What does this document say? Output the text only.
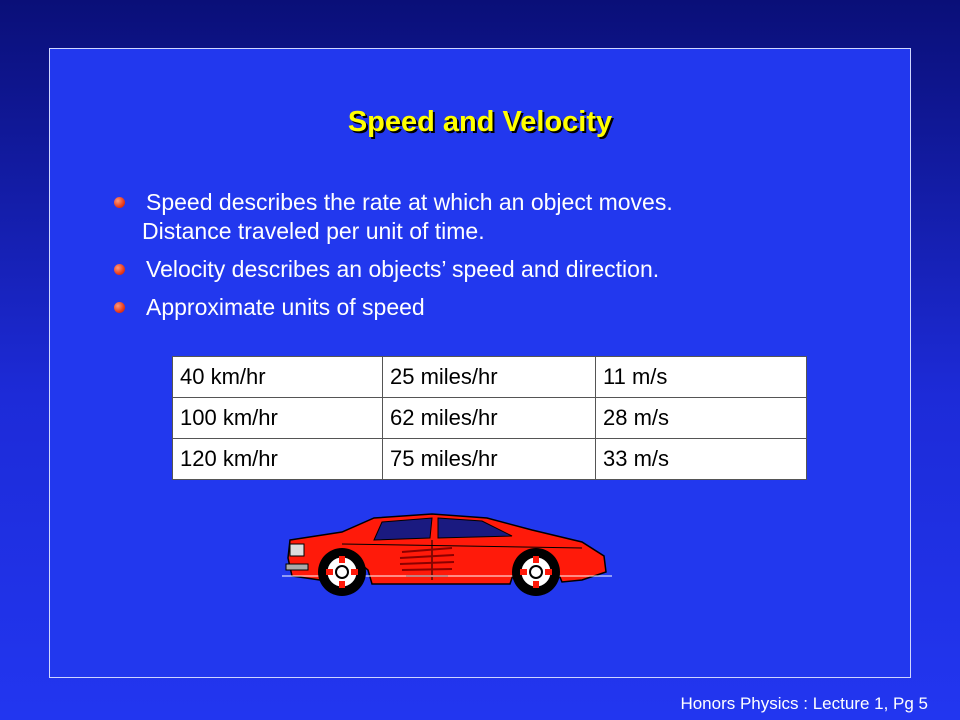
Speed and Velocity
Speed describes the rate at which an object moves.
Distance traveled per unit of time.
Velocity describes an objects’ speed and direction.
Approximate units of speed
40 km/hr	25 miles/hr	11 m/s
100 km/hr	62 miles/hr	28 m/s
120 km/hr	75 miles/hr	33 m/s
Honors Physics : Lecture 1, Pg 5
